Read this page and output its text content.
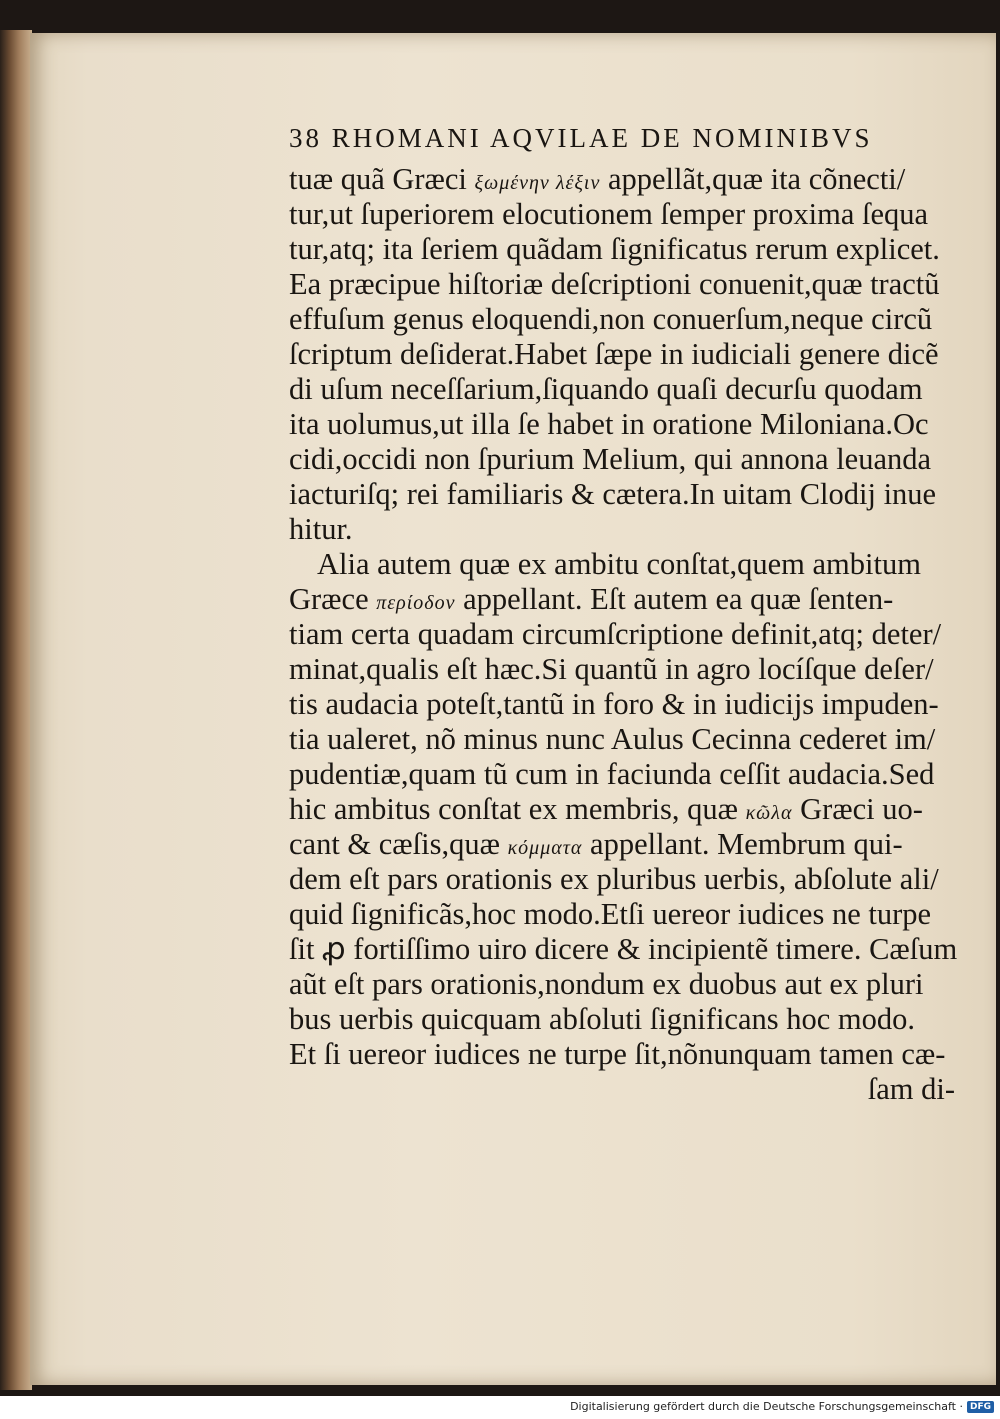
38 RHOMANI AQVILAE DE NOMINIBVS
tuæ quã Græci ξωμένην λέξιν appellãt,quæ ita cõnecti/
tur,ut ſuperiorem elocutionem ſemper proxima ſequa
tur,atq; ita ſeriem quãdam ſignificatus rerum explicet.
Ea præcipue hiſtoriæ deſcriptioni conuenit,quæ tractũ
effuſum genus eloquendi,non conuerſum,neque circũ
ſcriptum deſiderat.Habet ſæpe in iudiciali genere dicẽ
di uſum neceſſarium,ſiquando quaſi decurſu quodam
ita uolumus,ut illa ſe habet in oratione Miloniana.Oc
cidi,occidi non ſpurium Melium, qui annona leuanda
iacturiſq; rei familiaris & cætera.In uitam Clodij inue
hitur.
Alia autem quæ ex ambitu conſtat,quem ambitum
Græce περίοδον appellant. Eſt autem ea quæ ſenten-
tiam certa quadam circumſcriptione definit,atq; deter/
minat,qualis eſt hæc.Si quantũ in agro locíſque deſer/
tis audacia poteſt,tantũ in foro & in iudicijs impuden-
tia ualeret, nõ minus nunc Aulus Cecinna cederet im/
pudentiæ,quam tũ cum in faciunda ceſſit audacia.Sed
hic ambitus conſtat ex membris, quæ κῶλα Græci uo-
cant & cæſis,quæ κόμματα appellant. Membrum qui-
dem eſt pars orationis ex pluribus uerbis, abſolute ali/
quid ſignificãs,hoc modo.Etſi uereor iudices ne turpe
ſit ꝓ fortiſſimo uiro dicere & incipientẽ timere. Cæſum
aũt eſt pars orationis,nondum ex duobus aut ex pluri
bus uerbis quicquam abſoluti ſignificans hoc modo.
Et ſi uereor iudices ne turpe ſit,nõnunquam tamen cæ-
ſam di-
Digitalisierung gefördert durch die Deutsche Forschungsgemeinschaft · DFG
